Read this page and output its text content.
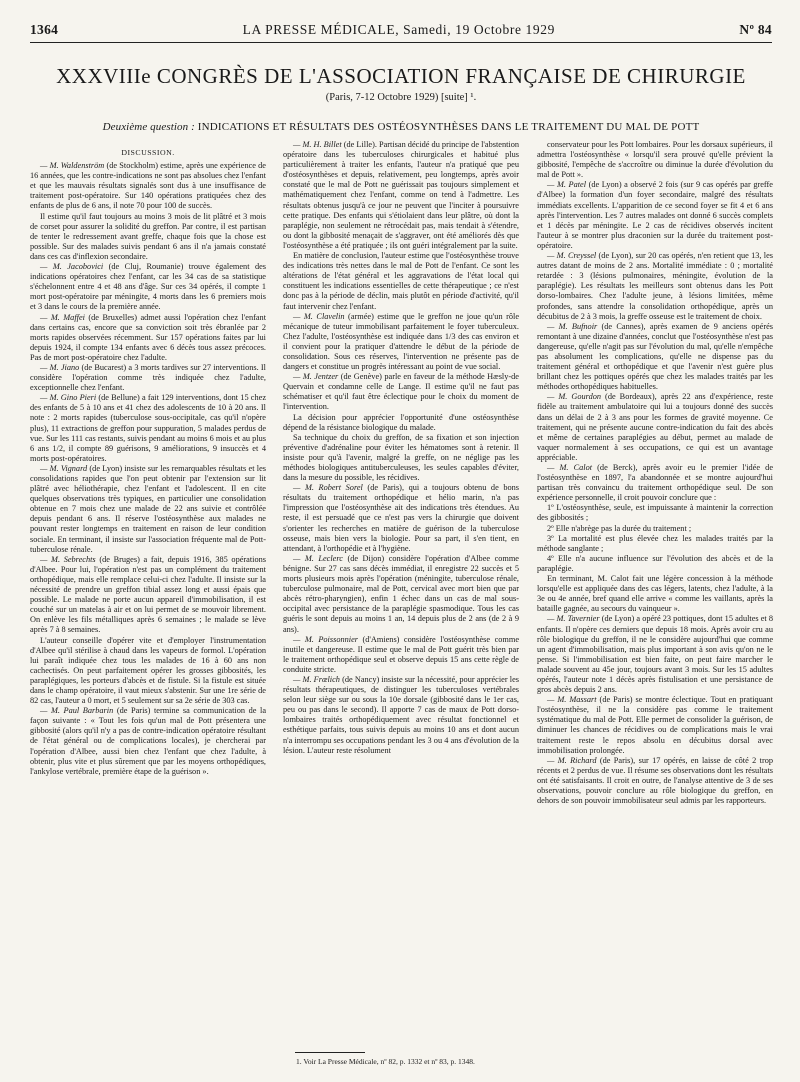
1364	LA PRESSE MÉDICALE, Samedi, 19 Octobre 1929	Nº 84
XXXVIIIe CONGRÈS DE L'ASSOCIATION FRANÇAISE DE CHIRURGIE
(Paris, 7-12 Octobre 1929) [suite] ¹.
Deuxième question : INDICATIONS ET RÉSULTATS DES OSTÉOSYNTHÈSES DANS LE TRAITEMENT DU MAL DE POTT

DISCUSSION.

— M. Waldenström (de Stockholm) estime, après une expérience de 16 années, que les contre-indications ne sont pas absolues chez l'enfant et que les mauvais résultats signalés sont dus à une insuffisance de traitement post-opératoire. Sur 140 opérations pratiquées chez des enfants de plus de 6 ans, il note 70 pour 100 de succès.

Il estime qu'il faut toujours au moins 3 mois de lit plâtré et 3 mois de corset pour assurer la solidité du greffon. Par contre, il est partisan de tenter le redressement avant greffe, chaque fois que la chose est possible. Sur des malades suivis pendant 6 ans il n'a jamais constaté dans ces cas d'inflexion secondaire.

— M. Jacobovici (de Cluj, Roumanie) trouve également des indications opératoires chez l'enfant, car les 34 cas de sa statistique s'échelonnent entre 4 et 48 ans d'âge. Sur ces 34 opérés, il compte 1 mort post-opératoire par méningite, 4 morts dans les 6 premiers mois et 3 dans le cours de la première année.

— M. Maffei (de Bruxelles) admet aussi l'opération chez l'enfant dans certains cas, encore que sa conviction soit très ébranlée par 2 morts rapides observées récemment. Sur 157 opérations faites par lui depuis 1924, il compte 134 enfants avec 6 décès tous assez précoces. Pas de mort post-opératoire chez l'adulte.

— M. Jiano (de Bucarest) a 3 morts tardives sur 27 interventions. Il considère l'opération comme très indiquée chez l'adulte, exceptionnelle chez l'enfant.

— M. Gino Pieri (de Bellune) a fait 129 interventions, dont 15 chez des enfants de 5 à 10 ans et 41 chez des adolescents de 10 à 20 ans. Il note : 2 morts rapides (tuberculose sous-occipitale, cas qu'il n'opère plus), 11 extractions de greffon pour suppuration, 5 malades perdus de vue. Sur les 111 cas restants, suivis pendant au moins 6 mois et au plus 6 ans 1/2, il compte 89 guérisons, 9 améliorations, 9 insuccès et 4 morts post-opératoires.

— M. Vignard (de Lyon) insiste sur les remarquables résultats et les consolidations rapides que l'on peut obtenir par l'extension sur lit plâtré avec héliothérapie, chez l'enfant et l'adolescent. Il en cite quelques observations très typiques, en particulier une consolidation obtenue en 7 mois chez une malade de 22 ans suivie et contrôlée depuis pendant 6 ans. Il réserve l'ostéosynthèse aux malades ne pouvant rester longtemps en traitement en raison de leur condition sociale. En terminant, il insiste sur l'association fréquente mal de Pott-tuberculose rénale.

— M. Sebrechts (de Bruges) a fait, depuis 1916, 385 opérations d'Albee. Pour lui, l'opération n'est pas un complément du traitement orthopédique, mais elle remplace celui-ci chez l'adulte. Il insiste sur la nécessité de prendre un greffon tibial assez long et aussi épais que possible. Le malade ne porte aucun appareil d'immobilisation, il est couché sur un matelas à air et on lui permet de se mouvoir librement. On enlève les fils métalliques après 6 semaines ; le malade se lève après 7 à 8 semaines.

L'auteur conseille d'opérer vite et d'employer l'instrumentation d'Albee qu'il stérilise à chaud dans les vapeurs de formol. L'opération lui paraît indiquée chez tous les malades de 16 à 60 ans non cachectisés. On peut parfaitement opérer les grosses gibbosités, les paraplégiques, les porteurs d'abcès et de fistule. Si la fistule est située dans le champ opératoire, il vaut mieux s'abstenir. Sur une 1re série de 82 cas, l'auteur a 0 mort, et 5 seulement sur sa 2e série de 303 cas.

— M. Paul Barbarin (de Paris) termine sa communication de la façon suivante : « Tout les fois qu'un mal de Pott présentera une gibbosité (alors qu'il n'y a pas de contre-indication opératoire résultant de l'état général ou de complications locales), je chercherai par l'opération d'Albee, aussi bien chez l'enfant que chez l'adulte, à obtenir, plus vite et plus sûrement que par les moyens orthopédiques, l'ankylose vertébrale, première étape de la guérison ».

— M. H. Billet (de Lille). Partisan décidé du principe de l'abstention opératoire dans les tuberculoses chirurgicales et habitué plus particulièrement à traiter les enfants, l'auteur n'a pratiqué que peu d'ostéosynthèses et depuis, relativement, peu longtemps, après avoir constaté que le mal de Pott ne guérissait pas toujours simplement et mathématiquement chez l'enfant, comme on tend à l'admettre. Les résultats obtenus jusqu'à ce jour ne peuvent que l'inciter à poursuivre cette pratique. Des enfants qui s'étiolaient dans leur plâtre, où dont la paraplégie, non seulement ne rétrocédait pas, mais tendait à s'étendre, ou dont la gibbosité menaçait de s'aggraver, ont été améliorés dès que l'ostéosynthèse a été pratiquée ; ils ont guéri intégralement par la suite.

En matière de conclusion, l'auteur estime que l'ostéosynthèse trouve des indications très nettes dans le mal de Pott de l'enfant. Ce sont les altérations de l'état général et les aggravations de l'état local qui constituent les indications essentielles de cette thérapeutique ; ce n'est donc pas à la période de déclin, mais plutôt en période d'activité, qu'il faut intervenir chez l'enfant.

— M. Clavelin (armée) estime que le greffon ne joue qu'un rôle mécanique de tuteur immobilisant parfaitement le foyer tuberculeux. Chez l'adulte, l'ostéosynthèse est indiquée dans 1/3 des cas environ et il convient pour la pratiquer d'attendre le début de la période de consolidation. Sous ces réserves, l'intervention ne présente pas de dangers et constitue un progrès intéressant au point de vue social.

— M. Jentzer (de Genève) parle en faveur de la méthode Hæsly-de Quervain et condamne celle de Lange. Il estime qu'il ne faut pas schématiser et qu'il faut être éclectique pour le choix du moment de l'intervention.

La décision pour apprécier l'opportunité d'une ostéosynthèse dépend de la résistance biologique du malade.

Sa technique du choix du greffon, de sa fixation et son injection préventive d'adrénaline pour éviter les hématomes sont à retenir. Il insiste pour qu'à l'avenir, malgré la greffe, on ne néglige pas les méthodes biologiques antituberculeuses, les seules capables d'éviter, dans la mesure du possible, les récidives.

— M. Robert Sorel (de Paris), qui a toujours obtenu de bons résultats du traitement orthopédique et hélio marin, n'a pas l'impression que l'ostéosynthèse ait des indications très étendues. Au reste, il est persuadé que ce n'est pas vers la chirurgie que doivent s'orienter les recherches en matière de guérison de la tuberculose osseuse, mais bien vers la biologie. Pour sa part, il s'en tient, en attendant, à l'orthopédie et à l'hygiène.

— M. Leclerc (de Dijon) considère l'opération d'Albee comme bénigne. Sur 27 cas sans décès immédiat, il enregistre 22 succès et 5 morts plusieurs mois après l'opération (méningite, tuberculose rénale, tuberculose pulmonaire, mal de Pott, cervical avec mort bien que par abcès rétro-pharyngien), enfin 1 échec dans un cas de mal sous-occipital avec persistance de la paraplégie spasmodique. Tous les cas guéris le sont depuis au moins 1 an, 14 depuis plus de 2 ans (de 2 à 9 ans).

— M. Poissonnier (d'Amiens) considère l'ostéosynthèse comme inutile et dangereuse. Il estime que le mal de Pott guérit très bien par le traitement orthopédique seul et observe depuis 15 ans cette règle de conduite stricte.

— M. Frœlich (de Nancy) insiste sur la nécessité, pour apprécier les résultats thérapeutiques, de distinguer les tuberculoses vertébrales selon leur siège sur ou sous la 10e dorsale (gibbosité dans le 1er cas, peu ou pas dans le second). Il apporte 7 cas de maux de Pott dorso-lombaires traités orthopédiquement avec résultat fonctionnel et esthétique parfaits, tous suivis depuis au moins 10 ans et dont aucun n'a interrompu ses occupations pendant les 3 ou 4 ans d'évolution de la lésion. L'auteur reste résolument

conservateur pour les Pott lombaires. Pour les dorsaux supérieurs, il admettra l'ostéosynthèse « lorsqu'il sera prouvé qu'elle prévient la gibbosité, l'empêche de s'accroître ou diminue la durée d'évolution du mal de Pott ».

— M. Patel (de Lyon) a observé 2 fois (sur 9 cas opérés par greffe d'Albee) la formation d'un foyer secondaire, malgré des résultats immédiats excellents. L'apparition de ce second foyer se fit 4 et 6 ans après l'intervention. Les 7 autres malades ont donné 6 succès complets et 1 décès par méningite. Le 2 cas de récidives observés incitent l'auteur à se montrer plus draconien sur la durée du traitement post-opératoire.

— M. Creyssel (de Lyon), sur 20 cas opérés, n'en retient que 13, les autres datant de moins de 2 ans. Mortalité immédiate : 0 ; mortalité retardée : 3 (lésions pulmonaires, méningite, évolution de la paraplégie). Les résultats les meilleurs sont obtenus dans les Pott dorso-lombaires. Chez l'adulte jeune, à lésions limitées, même profondes, sans attendre la consolidation orthopédique, après un décubitus de 2 à 3 mois, la greffe osseuse est le traitement de choix.

— M. Bufnoir (de Cannes), après examen de 9 anciens opérés remontant à une dizaine d'années, conclut que l'ostéosynthèse n'est pas dangereuse, qu'elle n'agit pas sur l'évolution du mal, qu'elle n'empêche pas absolument les complications, qu'elle ne dispense pas du traitement général et orthopédique et que l'avenir n'est guère plus brillant chez les pottiques opérés que chez les malades traités par les méthodes orthopédiques habituelles.

— M. Gourdon (de Bordeaux), après 22 ans d'expérience, reste fidèle au traitement ambulatoire qui lui a toujours donné des succès dans un délai de 2 à 3 ans pour les formes de gravité moyenne. Ce traitement, qui ne présente aucune contre-indication du fait des abcès et même de certaines paraplégies au début, permet au malade de vaquer normalement à ses occupations, ce qui est un avantage appréciable.

— M. Calot (de Berck), après avoir eu le premier l'idée de l'ostéosynthèse en 1897, l'a abandonnée et se montre aujourd'hui partisan très convaincu du traitement orthopédique seul. De son expérience personnelle, il croit pouvoir conclure que :

1º L'ostéosynthèse, seule, est impuissante à maintenir la correction des gibbosités ;

2º Elle n'abrège pas la durée du traitement ;

3º La mortalité est plus élevée chez les malades traités par la méthode sanglante ;

4º Elle n'a aucune influence sur l'évolution des abcès et de la paraplégie.

En terminant, M. Calot fait une légère concession à la méthode lorsqu'elle est appliquée dans des cas légers, latents, chez l'adulte, à la 3e ou 4e année, bref quand elle arrive « comme les vaillants, après la bataille gagnée, au secours du vainqueur ».

— M. Tavernier (de Lyon) a opéré 23 pottiques, dont 15 adultes et 8 enfants. Il n'opère ces derniers que depuis 18 mois. Après avoir cru au rôle biologique du greffon, il ne le considère aujourd'hui que comme un agent d'immobilisation, mais plus important à son avis qu'on ne le pense. Si l'immobilisation est bien faite, on peut faire marcher le malade souvent au 45e jour, toujours avant 3 mois. Sur les 15 adultes opérés, l'auteur note 1 décès après fistulisation et une persistance de gros abcès depuis 2 ans.

— M. Massart (de Paris) se montre éclectique. Tout en pratiquant l'ostéosynthèse, il ne la considère pas comme le traitement systématique du mal de Pott. Elle permet de consolider la guérison, de diminuer les chances de récidives ou de complications mais le vrai traitement reste le repos absolu en décubitus dorsal avec immobilisation prolongée.

— M. Richard (de Paris), sur 17 opérés, en laisse de côté 2 trop récents et 2 perdus de vue. Il résume ses observations dont les résultats ont été satisfaisants. Il croit en outre, de l'analyse attentive de 3 de ses observations, pouvoir conclure au rôle biologique du greffon, en dehors de son pouvoir immobilisateur seul admis par les rapporteurs.

1. Voir La Presse Médicale, nº 82, p. 1332 et nº 83, p. 1348.
